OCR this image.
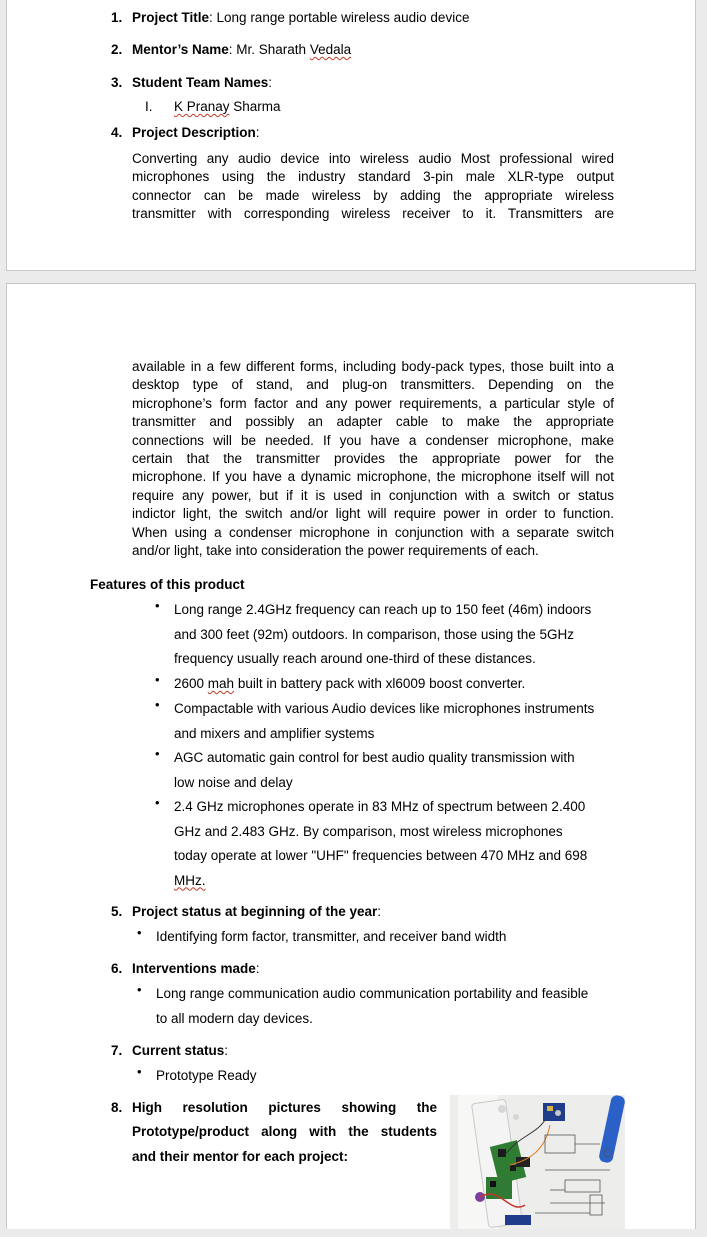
1. Project Title: Long range portable wireless audio device
2. Mentor’s Name: Mr. Sharath Vedala
3. Student Team Names:
I. K Pranay Sharma
4. Project Description:
Converting any audio device into wireless audio Most professional wired
microphones using the industry standard 3-pin male XLR-type output
connector can be made wireless by adding the appropriate wireless
transmitter with corresponding wireless receiver to it. Transmitters are
available in a few different forms, including body-pack types, those built into a
desktop type of stand, and plug-on transmitters. Depending on the
microphone’s form factor and any power requirements, a particular style of
transmitter and possibly an adapter cable to make the appropriate
connections will be needed. If you have a condenser microphone, make
certain that the transmitter provides the appropriate power for the
microphone. If you have a dynamic microphone, the microphone itself will not
require any power, but if it is used in conjunction with a switch or status
indictor light, the switch and/or light will require power in order to function.
When using a condenser microphone in conjunction with a separate switch
and/or light, take into consideration the power requirements of each.
Features of this product
• Long range 2.4GHz frequency can reach up to 150 feet (46m) indoors
and 300 feet (92m) outdoors. In comparison, those using the 5GHz
frequency usually reach around one-third of these distances.
• 2600 mah built in battery pack with xl6009 boost converter.
• Compactable with various Audio devices like microphones instruments
and mixers and amplifier systems
• AGC automatic gain control for best audio quality transmission with
low noise and delay
• 2.4 GHz microphones operate in 83 MHz of spectrum between 2.400
GHz and 2.483 GHz. By comparison, most wireless microphones
today operate at lower "UHF" frequencies between 470 MHz and 698
MHz.
5. Project status at beginning of the year:
• Identifying form factor, transmitter, and receiver band width
6. Interventions made:
• Long range communication audio communication portability and feasible
to all modern day devices.
7. Current status:
• Prototype Ready
8. High resolution pictures showing the
Prototype/product along with the students
and their mentor for each project:
